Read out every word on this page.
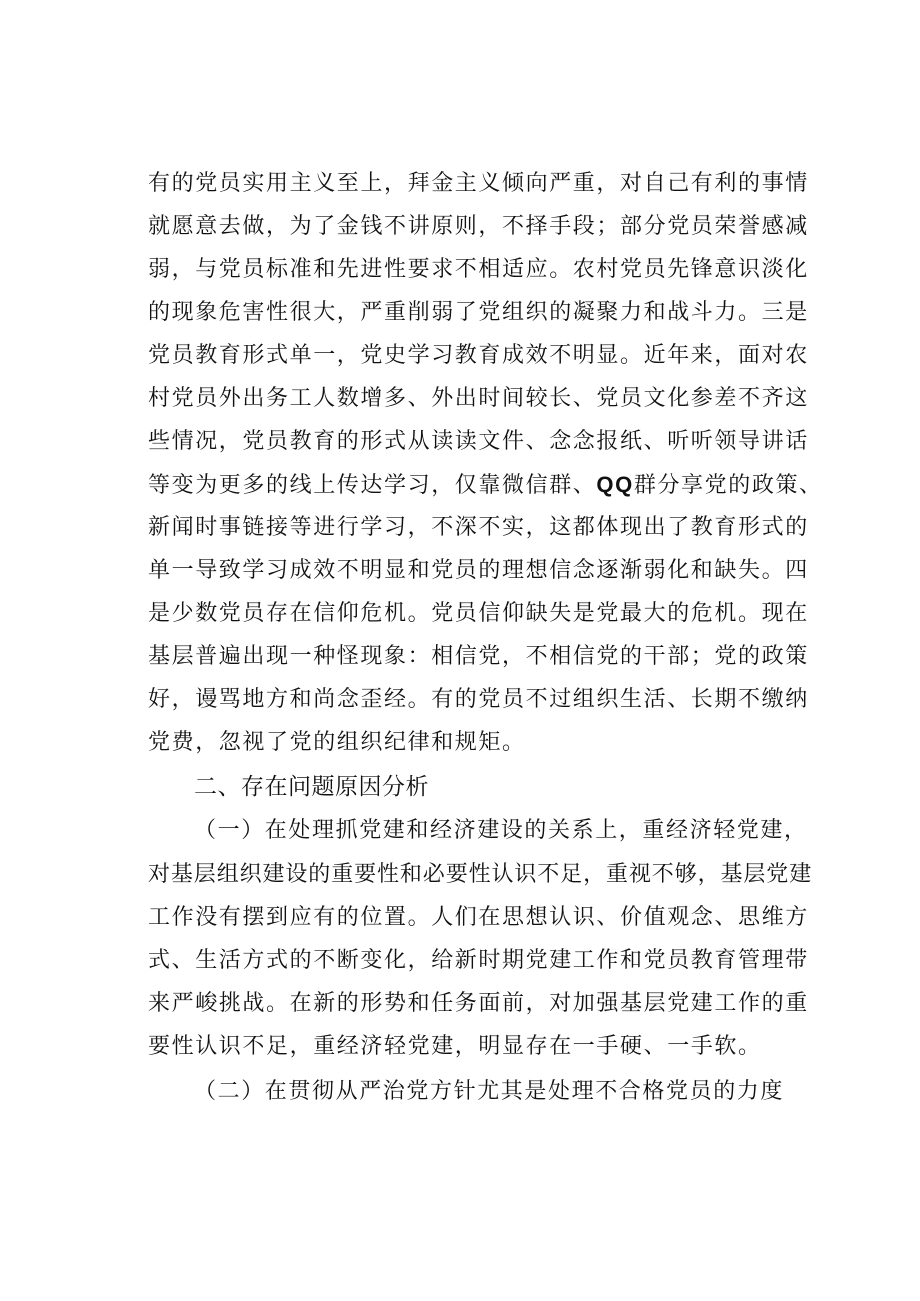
有的党员实用主义至上，拜金主义倾向严重，对自己有利的事情
就愿意去做，为了金钱不讲原则，不择手段；部分党员荣誉感减
弱，与党员标准和先进性要求不相适应。农村党员先锋意识淡化
的现象危害性很大，严重削弱了党组织的凝聚力和战斗力。三是
党员教育形式单一，党史学习教育成效不明显。近年来，面对农
村党员外出务工人数增多、外出时间较长、党员文化参差不齐这
些情况，党员教育的形式从读读文件、念念报纸、听听领导讲话
等变为更多的线上传达学习，仅靠微信群、QQ群分享党的政策、
新闻时事链接等进行学习，不深不实，这都体现出了教育形式的
单一导致学习成效不明显和党员的理想信念逐渐弱化和缺失。四
是少数党员存在信仰危机。党员信仰缺失是党最大的危机。现在
基层普遍出现一种怪现象：相信党，不相信党的干部；党的政策
好，谩骂地方和尚念歪经。有的党员不过组织生活、长期不缴纳
党费，忽视了党的组织纪律和规矩。
二、存在问题原因分析
（一）在处理抓党建和经济建设的关系上，重经济轻党建，
对基层组织建设的重要性和必要性认识不足，重视不够，基层党建
工作没有摆到应有的位置。人们在思想认识、价值观念、思维方
式、生活方式的不断变化，给新时期党建工作和党员教育管理带
来严峻挑战。在新的形势和任务面前，对加强基层党建工作的重
要性认识不足，重经济轻党建，明显存在一手硬、一手软。
（二）在贯彻从严治党方针尤其是处理不合格党员的力度
